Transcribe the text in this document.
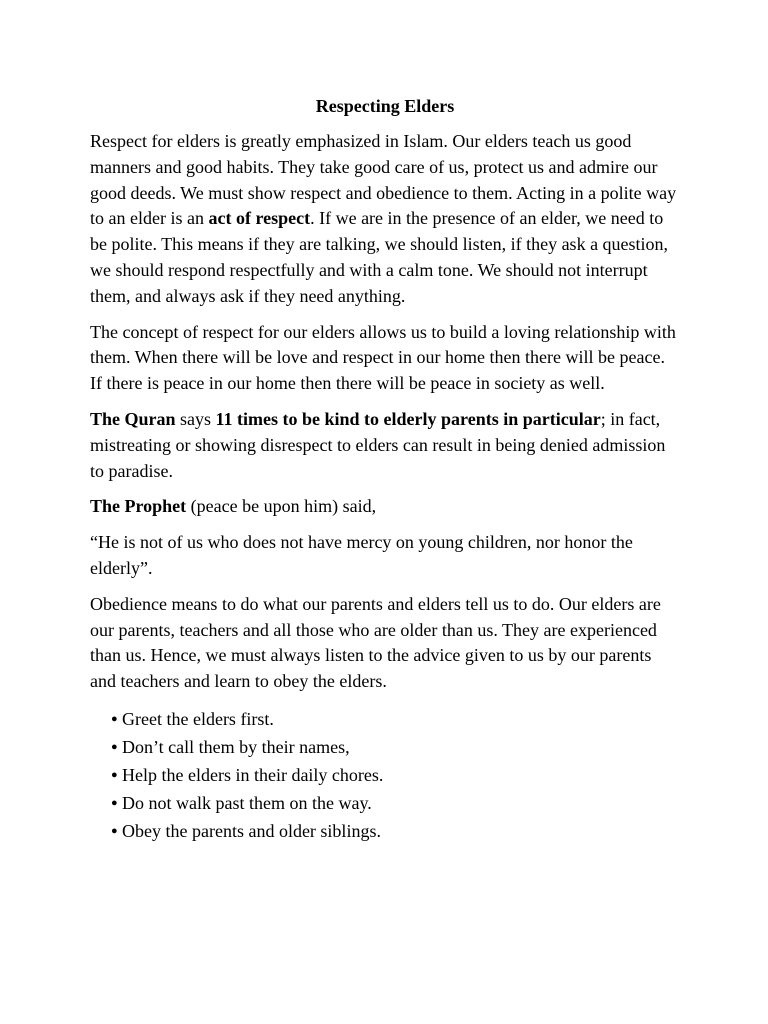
Respecting Elders

Respect for elders is greatly emphasized in Islam. Our elders teach us good manners and good habits. They take good care of us, protect us and admire our good deeds. We must show respect and obedience to them. Acting in a polite way to an elder is an act of respect. If we are in the presence of an elder, we need to be polite. This means if they are talking, we should listen, if they ask a question, we should respond respectfully and with a calm tone. We should not interrupt them, and always ask if they need anything.

The concept of respect for our elders allows us to build a loving relationship with them. When there will be love and respect in our home then there will be peace. If there is peace in our home then there will be peace in society as well.

The Quran says 11 times to be kind to elderly parents in particular; in fact, mistreating or showing disrespect to elders can result in being denied admission to paradise.

The Prophet (peace be upon him) said,

“He is not of us who does not have mercy on young children, nor honor the elderly”.

Obedience means to do what our parents and elders tell us to do. Our elders are our parents, teachers and all those who are older than us. They are experienced than us. Hence, we must always listen to the advice given to us by our parents and teachers and learn to obey the elders.

● Greet the elders first.
● Don’t call them by their names,
● Help the elders in their daily chores.
● Do not walk past them on the way.
● Obey the parents and older siblings.
